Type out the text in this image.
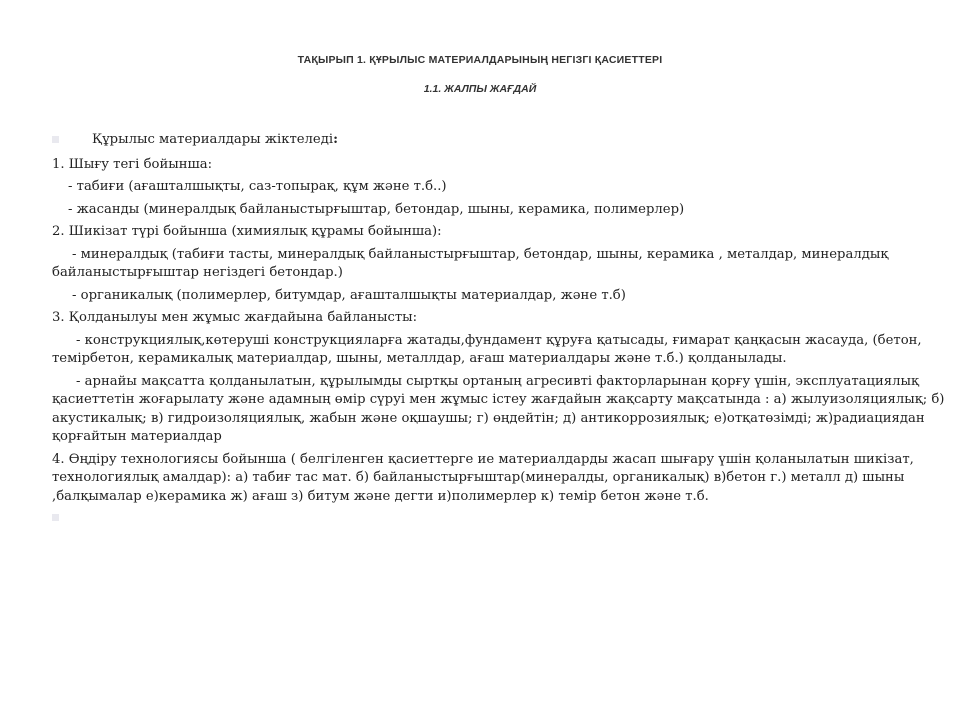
ТАҚЫРЫП 1. ҚҰРЫЛЫС МАТЕРИАЛДАРЫНЫҢ НЕГІЗГІ ҚАСИЕТТЕРІ
1.1. ЖАЛПЫ ЖАҒДАЙ
Құрылыс материалдары жіктеледі:
1. Шығу тегі бойынша:
- табиғи (ағашталшықты, саз-топырақ, құм және т.б..)
- жасанды (минералдық байланыстырғыштар, бетондар, шыны, керамика, полимерлер)
2. Шикізат түрі бойынша (химиялық құрамы бойынша):
- минералдық (табиғи тасты, минералдық байланыстырғыштар, бетондар, шыны, керамика , металдар, минералдық байланыстырғыштар негіздегі бетондар.)
- органикалық (полимерлер, битумдар, ағашталшықты материалдар, және т.б)
3. Қолданылуы мен жұмыс жағдайына байланысты:
- конструкциялық,көтеруші конструкцияларға жатады,фундамент құруға қатысады, ғимарат қаңқасын жасауда, (бетон, темірбетон, керамикалық материалдар, шыны, металлдар, ағаш материалдары және т.б.) қолданылады.
- арнайы мақсатта қолданылатын, құрылымды сыртқы ортаның агресивті факторларынан қорғу үшін, эксплуатациялық қасиеттетін жоғарылату және адамның өмір сүруі мен жұмыс істеу жағдайын жақсарту мақсатында : а) жылуизоляциялық; б) акустикалық; в) гидроизоляциялық, жабын және оқшаушы; г) өңдейтін; д) антикоррозиялық; е)отқатөзімді; ж)радиациядан қорғайтын материалдар
4. Өңдіру технологиясы бойынша ( белгіленген қасиеттерге ие материалдарды жасап шығару үшін қоланылатын шикізат, технологиялық амалдар): а) табиғ тас мат. б) байланыстырғыштар(минералды, органикалық) в)бетон г.) металл д) шыны ,балқымалар е)керамика ж) ағаш з) битум және дегти и)полимерлер к) темір бетон және т.б.
